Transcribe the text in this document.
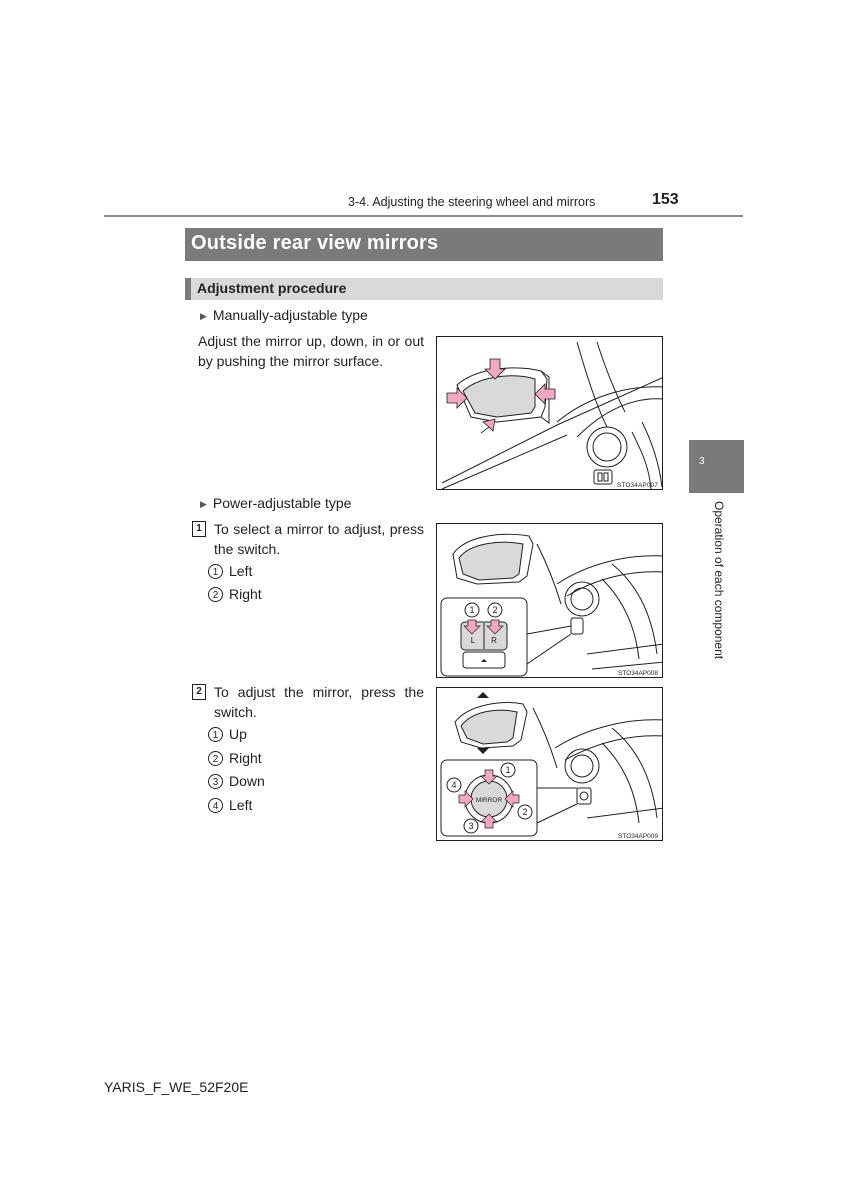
3-4. Adjusting the steering wheel and mirrors	153
Outside rear view mirrors
Adjustment procedure
▶ Manually-adjustable type
Adjust the mirror up, down, in or out by pushing the mirror surface.
STO34AP007
▶ Power-adjustable type
1 To select a mirror to adjust, press the switch.
1 Left
2 Right
1 2
L R
STO34AP008
2 To adjust the mirror, press the switch.
1 Up
2 Right
3 Down
4 Left
1
2
3
4
MIRROR
STO34AP009
3
Operation of each component
YARIS_F_WE_52F20E
